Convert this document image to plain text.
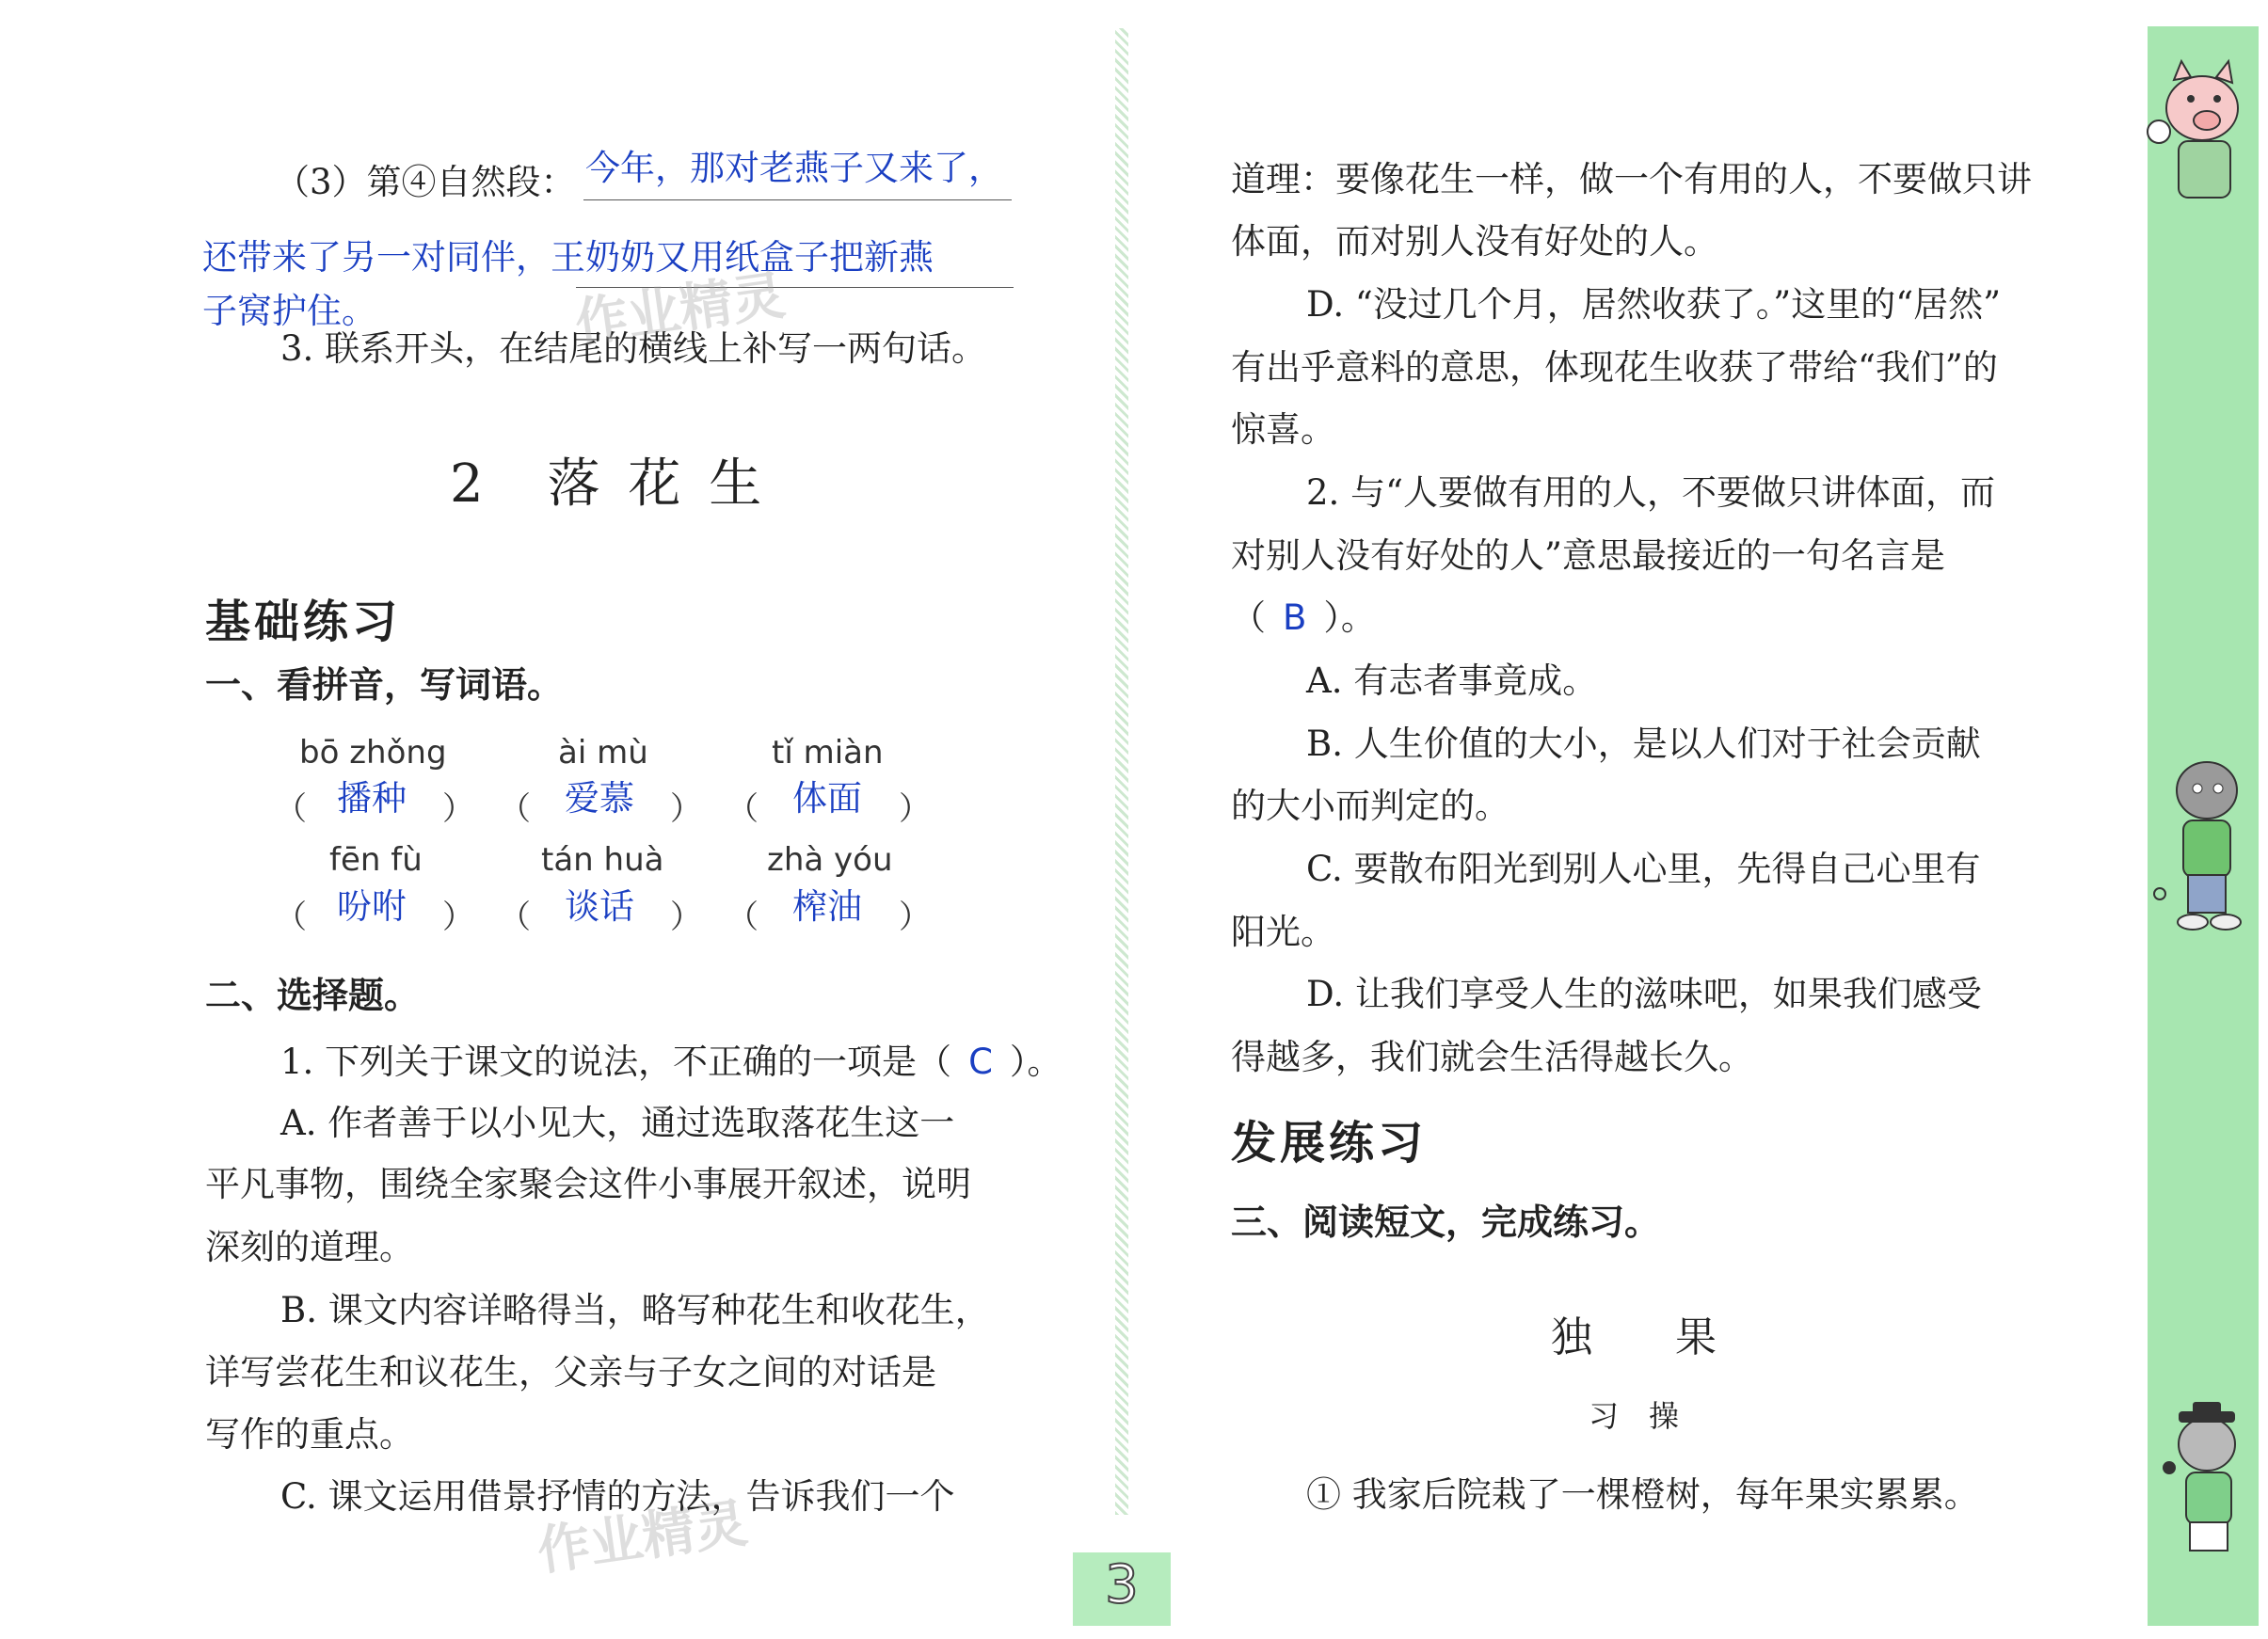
（3）第④自然段： 今年，那对老燕子又来了，
还带来了另一对同伴，王奶奶又用纸盒子把新燕
子窝护住。
3. 联系开头，在结尾的横线上补写一两句话。
2　落 花 生
基础练习
一、看拼音，写词语。
bō zhǒng	ài mù	tǐ miàn
（ 播种 ） （ 爱慕 ） （ 体面 ）
fēn fù	tán huà	zhà yóu
（ 吩咐 ） （ 谈话 ） （ 榨油 ）
二、选择题。
1. 下列关于课文的说法，不正确的一项是（ C ）。
A. 作者善于以小见大，通过选取落花生这一
平凡事物，围绕全家聚会这件小事展开叙述，说明
深刻的道理。
B. 课文内容详略得当，略写种花生和收花生，
详写尝花生和议花生，父亲与子女之间的对话是
写作的重点。
C. 课文运用借景抒情的方法，告诉我们一个
作业精灵
作业精灵
道理：要像花生一样，做一个有用的人，不要做只讲
体面，而对别人没有好处的人。
D. “没过几个月，居然收获了。”这里的“居然”
有出乎意料的意思，体现花生收获了带给“我们”的
惊喜。
2. 与“人要做有用的人，不要做只讲体面，而
对别人没有好处的人”意思最接近的一句名言是
（ B ）。
A. 有志者事竟成。
B. 人生价值的大小，是以人们对于社会贡献
的大小而判定的。
C. 要散布阳光到别人心里，先得自己心里有
阳光。
D. 让我们享受人生的滋味吧，如果我们感受
得越多，我们就会生活得越长久。
发展练习
三、阅读短文，完成练习。
独　　果
习　操
① 我家后院栽了一棵橙树，每年果实累累。
3
